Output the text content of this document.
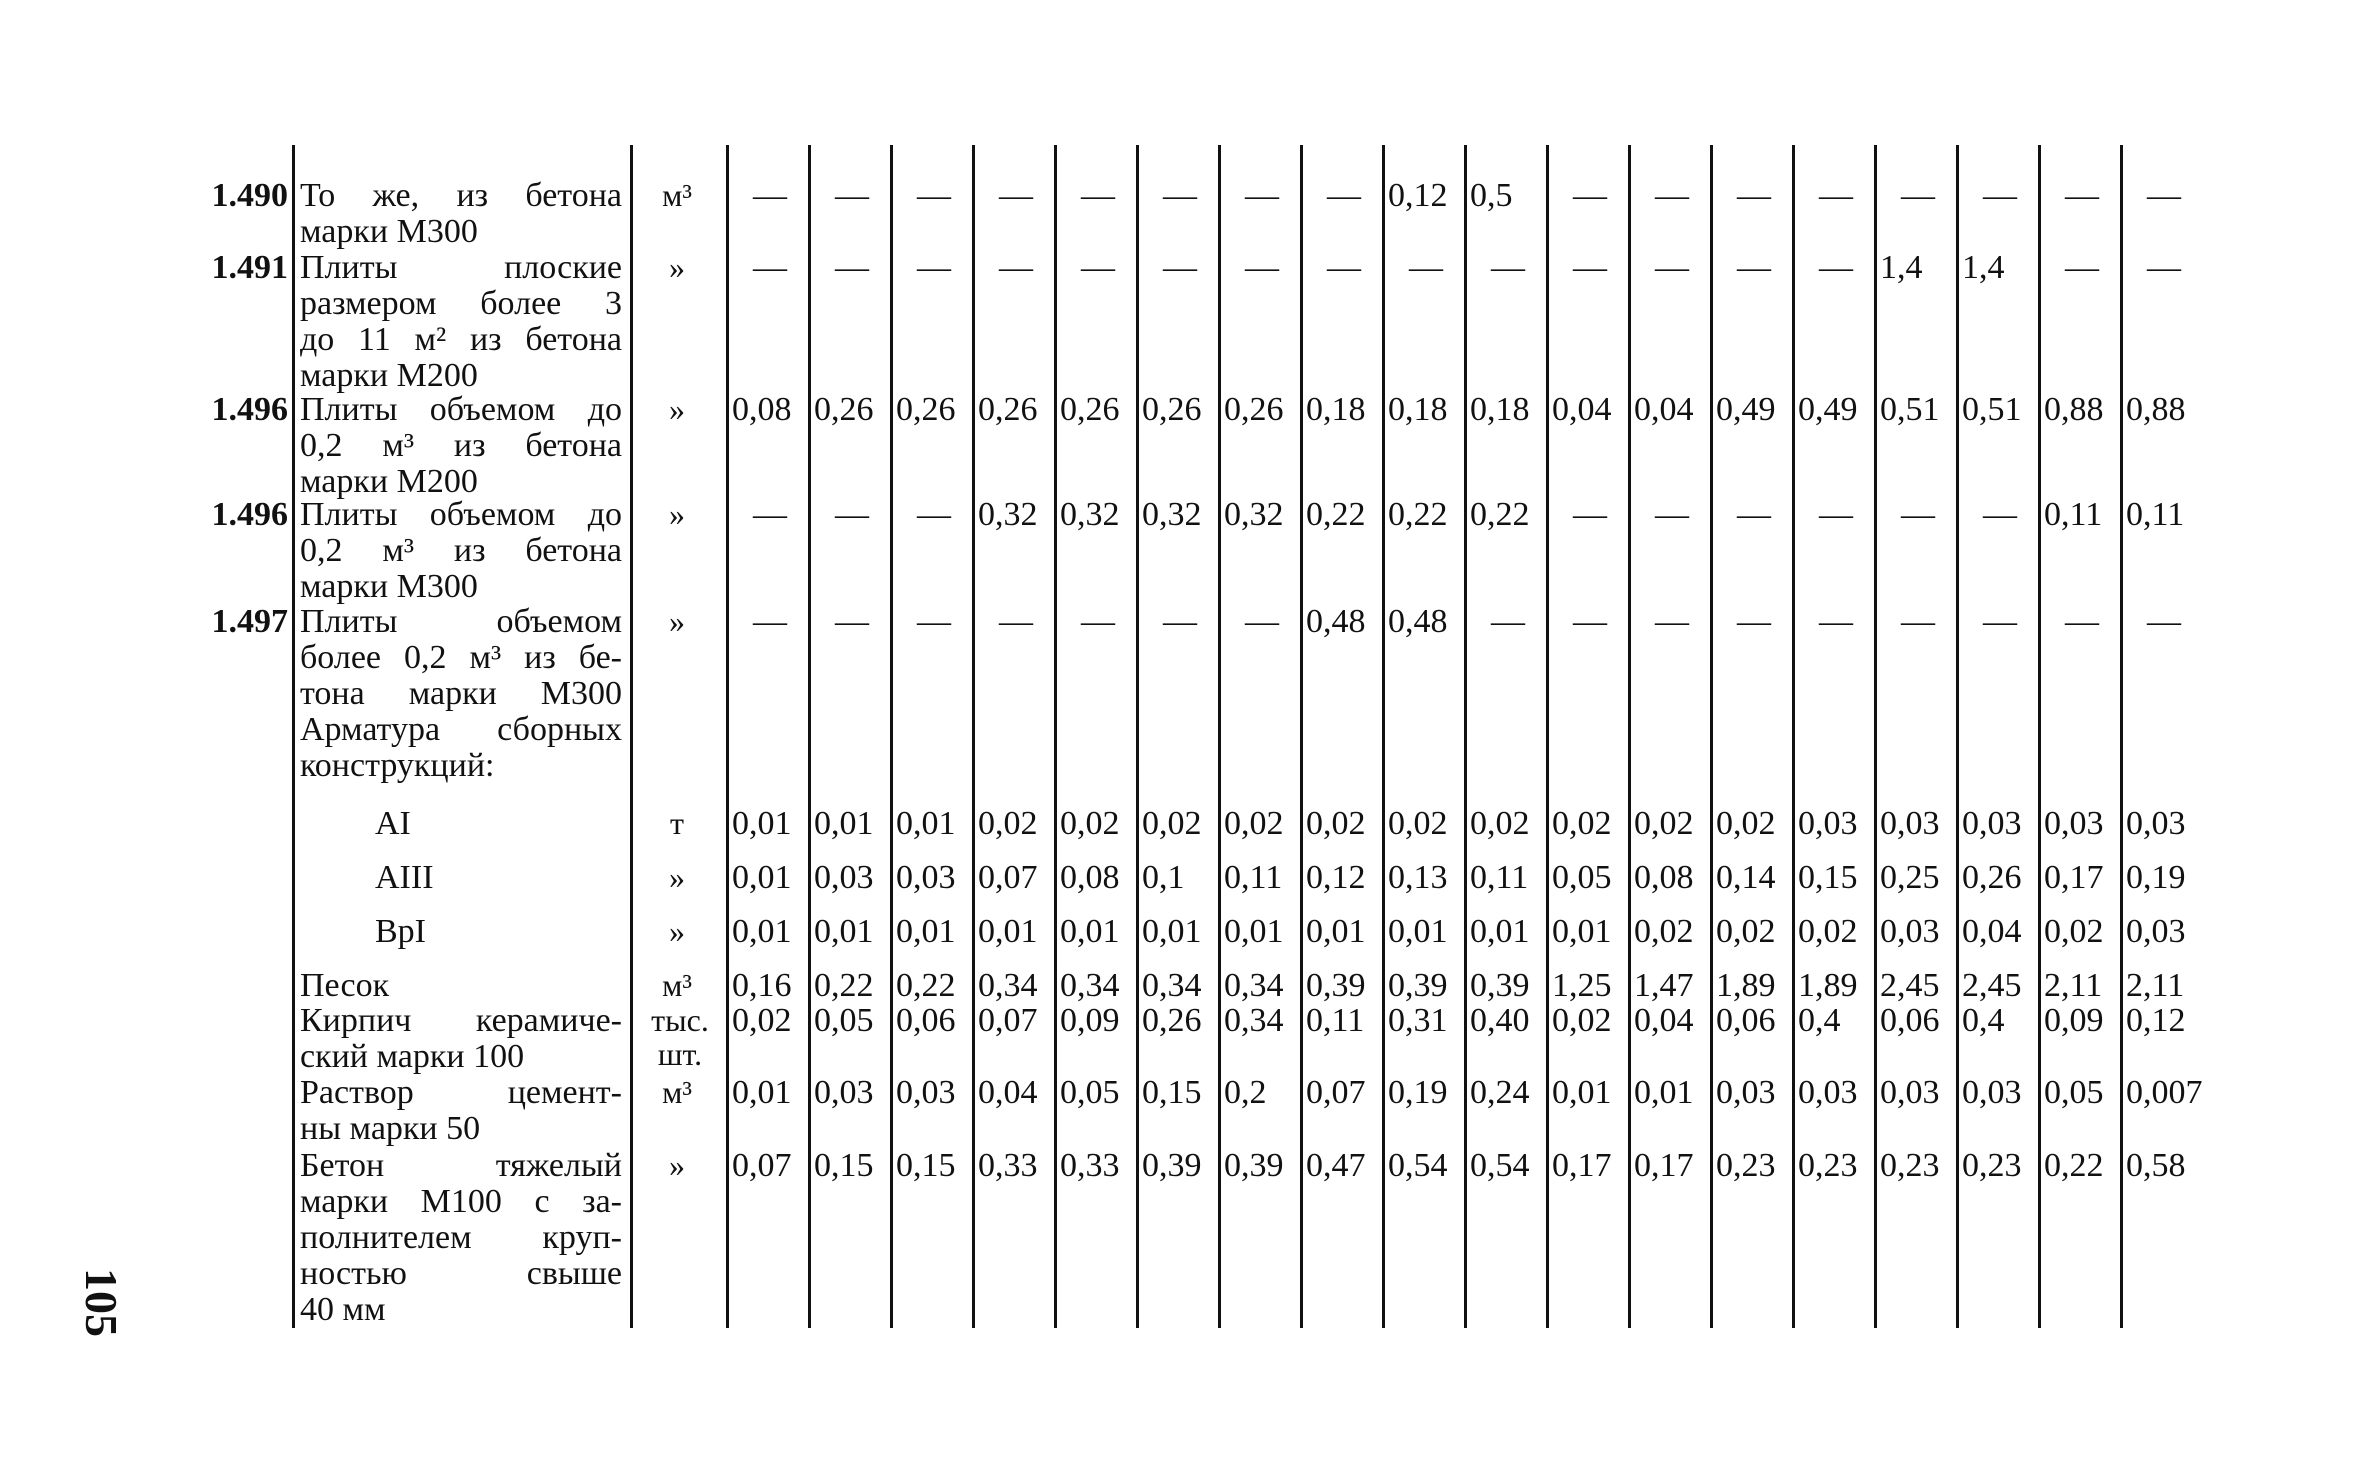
1.490 То же, из бетона
марки М300
м³	—	—	—	—	—	—	—	— 0,12 0,5	—	—	—	—	—	—	—	—
1.491 Плиты плоские
размером более 3
до 11 м² из бетона
марки М200
»	—	—	—	—	—	—	—	—	—	—	—	—	—	— 1,4 1,4	—	—
1.496 Плиты объемом до
0,2 м³ из бетона
марки М200
»	0,08 0,26 0,26 0,26 0,26 0,26 0,26 0,18 0,18 0,18 0,04 0,04 0,49 0,49 0,51 0,51 0,88 0,88
1.496 Плиты объемом до
0,2 м³ из бетона
марки М300
»	—	—	— 0,32 0,32 0,32 0,32 0,22 0,22 0,22	—	—	—	—	—	— 0,11 0,11
1.497 Плиты объемом
более 0,2 м³ из бе-
тона марки М300
Арматура сборных
конструкций:
»	—	—	—	—	—	—	— 0,48 0,48	—	—	—	—	—	—	—	—	—
AI	т	0,01 0,01 0,01 0,02 0,02 0,02 0,02 0,02 0,02 0,02 0,02 0,02 0,02 0,03 0,03 0,03 0,03 0,03
AIII	»	0,01 0,03 0,03 0,07 0,08 0,1 0,11 0,12 0,13 0,11 0,05 0,08 0,14 0,15 0,25 0,26 0,17 0,19
BpI	»	0,01 0,01 0,01 0,01 0,01 0,01 0,01 0,01 0,01 0,01 0,01 0,02 0,02 0,02 0,03 0,04 0,02 0,03
Песок	м³	0,16 0,22 0,22 0,34 0,34 0,34 0,34 0,39 0,39 0,39 1,25 1,47 1,89 1,89 2,45 2,45 2,11 2,11
Кирпич керамиче-
ский марки 100
тыс. шт.
0,02 0,05 0,06 0,07 0,09 0,26 0,34 0,11 0,31 0,40 0,02 0,04 0,06 0,4 0,06 0,4 0,09 0,12
Раствор цемент-
ны марки 50
м³	0,01 0,03 0,03 0,04 0,05 0,15 0,2 0,07 0,19 0,24 0,01 0,01 0,03 0,03 0,03 0,03 0,05 0,007
Бетон тяжелый
марки М100 с за-
полнителем круп-
ностью свыше
40 мм
»	0,07 0,15 0,15 0,33 0,33 0,39 0,39 0,47 0,54 0,54 0,17 0,17 0,23 0,23 0,23 0,23 0,22 0,58
105
